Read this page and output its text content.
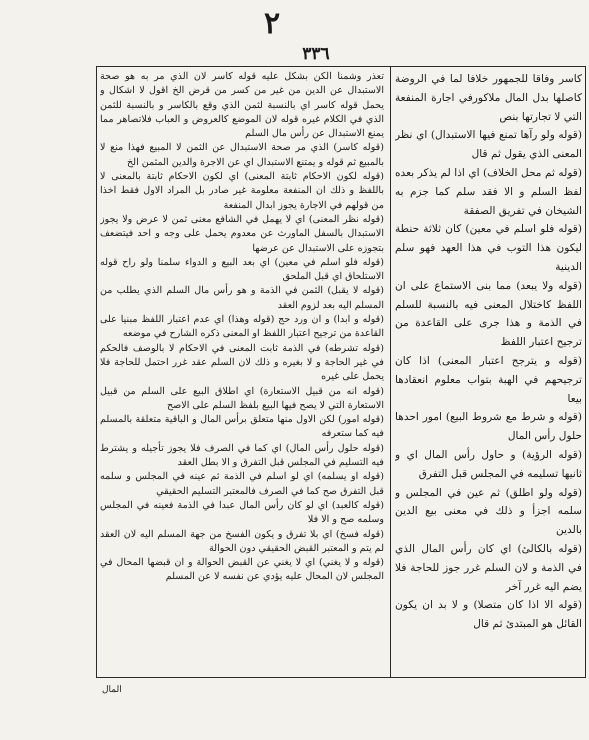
٢
٣٣٦

تعذر وشمنا الكن بشكل عليه قوله كاسر لان الذي مر به هو صحة الاستبدال عن الدين من غير من كسر من قرض الخ اقول لا اشكال و يحمل قوله كاسر اي بالنسبة لثمن الذي وقع بالكاسر و بالنسبة للثمن الذي في الكلام غيره قوله لان الموضع كالعروض و العباب فلاتصاهر مما يمنع الاستبدال عن رأس مال السلم

(قوله كاسر) الذي مر صحة الاستبدال عن الثمن لا المبيع فهذا منع لا بالمبيع ثم قوله و يمتنع الاستبدال اي عن الاجرة والدين المثمن الخ

(قوله لكون الاحكام ثابتة المعنى) اي لكون الاحكام ثابتة بالمعنى لا باللفظ و ذلك ان المنفعة معلومة غير صادر بل المراد الاول فقط اخذا من قولهم في الاجارة يجوز ابدال المنفعة

(قوله نظر المعنى) اي لا يهمل في الشافع معنى ثمن لا عرض ولا يجوز الاستبدال بالسفل الماورث عن معدوم يحمل على وجه و احد فيتضعف بتجوزه على الاستبدال عن عرضها

(قوله فلو اسلم في معين) اي بعد البيع و الدواء سلمنا ولو راح قوله الاستلحاق اي قبل الملحق

(قوله لا يقبل) الثمن في الذمة و هو رأس مال السلم الذي يطلب من المسلم اليه بعد لزوم العقد

(قوله و ابدا) و ان ورد حج (قوله وهذا) اي عدم اعتبار اللفظ مبنيا على القاعدة من ترجيح اعتبار اللفظ او المعنى ذكره الشارح في موضعه

(قوله تشرطه) في الذمة ثابت المعنى في الاحكام لا بالوصف فالحكم في غير الحاجة و لا بغيره و ذلك لان السلم عقد غرر احتمل للحاجة فلا يحمل على غيره

(قوله انه من قبيل الاستعارة) اي اطلاق البيع على السلم من قبيل الاستعارة التي لا يصح فيها البيع بلفظ السلم على الاصح

(قوله امور) لكن الاول منها متعلق برأس المال و الباقية متعلقة بالمسلم فيه كما ستعرفه

(قوله حلول رأس المال) اي كما في الصرف فلا يجوز تأجيله و يشترط فيه التسليم في المجلس قبل التفرق و الا بطل العقد

(قوله او يسلمه) اي لو اسلم في الذمة ثم عينه في المجلس و سلمه قبل التفرق صح كما في الصرف فالمعتبر التسليم الحقيقي

(قوله كالعبد) اي لو كان رأس المال عبدا في الذمة فعينه في المجلس وسلمه صح و الا فلا

(قوله فسخ) اي بلا تفرق و يكون الفسخ من جهة المسلم اليه لان العقد لم يتم و المعتبر القبض الحقيقي دون الحوالة

(قوله و لا يغني) اي لا يغني عن القبض الحوالة و ان قبضها المحال في المجلس لان المحال عليه يؤدي عن نفسه لا عن المسلم

كاسر وفاقا للجمهور خلافا لما في الروضة كاصلها بدل المال ملاكورفي اجارة المنفعة التي لا تجارتها بنص

(قوله ولو رآها تمنع فيها الاستبدال) اي نظر المعنى الذي يقول ثم قال

(قوله ثم محل الخلاف) اي اذا لم يذكر بعده لفظ السلم و الا فقد سلم كما جزم به الشيخان في تفريق الصفقة

(قوله فلو اسلم في معين) كان ثلاثة حنطة ليكون هذا التوب في هذا العهد فهو سلم الدينية

(قوله ولا يبعد) مما بنى الاستماع على ان اللفظ كاختلال المعنى فيه بالنسبة للسلم في الذمة و هذا جرى على القاعدة من ترجيح اعتبار اللفظ

(قوله و يترجح اعتبار المعنى) اذا كان ترجيحهم في الهبة بتواب معلوم انعقادها بيعا

(قوله و شرط مع شروط البيع) امور احدها حلول رأس المال

(قوله الرؤية) و حاول رأس المال اي و ثانيها تسليمه في المجلس قبل التفرق

(قوله ولو اطلق) ثم عين في المجلس و سلمه اجزأ و ذلك في معنى بيع الدين بالدين

(قوله بالكالئ) اي كان رأس المال الذي في الذمة و لان السلم غرر جوز للحاجة فلا يضم اليه غرر آخر

(قوله الا اذا كان متصلا) و لا بد ان يكون القائل هو المبتدئ ثم قال

المال
